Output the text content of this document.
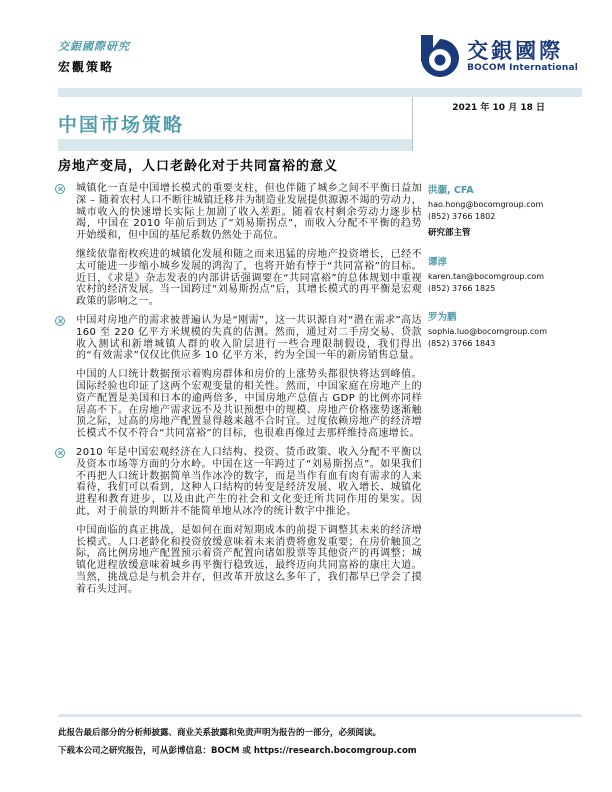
交銀國際研究
宏觀策略
交銀國際
BOCOM International
2021 年 10 月 18 日
中国市场策略
房地产变局，人口老龄化对于共同富裕的意义
城镇化一直是中国增长模式的重要支柱，但也伴随了城乡之间不平衡日益加深 – 随着农村人口不断往城镇迁移并为制造业发展提供源源不竭的劳动力，城市收入的快速增长实际上加剧了收入差距。随着农村剩余劳动力逐步枯竭，中国在 2010 年前后到达了“刘易斯拐点”，而收入分配不平衡的趋势开始缓和，但中国的基尼系数仍然处于高位。
继续依靠衔枚疾进的城镇化发展和随之而来迅猛的房地产投资增长，已经不太可能进一步缩小城乡发展的鸿沟了，也将开始有悖于“共同富裕”的目标。近日，《求是》杂志发表的内部讲话强调要在“共同富裕”的总体规划中重视农村的经济发展。当一国跨过“刘易斯拐点”后，其增长模式的再平衡是宏观政策的影响之一。
中国对房地产的需求被普遍认为是“刚需”，这一共识源自对“潜在需求”高达 160 至 220 亿平方米规模的失真的估测。然而，通过对二手房交易、贷款收入测试和新增城镇人群的收入阶层进行一些合理限制假设，我们得出的“有效需求”仅仅比供应多 10 亿平方米，约为全国一年的新房销售总量。
中国的人口统计数据预示着购房群体和房价的上涨势头都很快将达到峰值。国际经验也印证了这两个宏观变量的相关性。然而，中国家庭在房地产上的资产配置是美国和日本的逾两倍多，中国房地产总值占 GDP 的比例亦同样居高不下。在房地产需求远不及共识预想中的规模、房地产价格涨势逐渐触顶之际，过高的房地产配置显得越来越不合时宜。过度依赖房地产的经济增长模式不仅不符合“共同富裕”的目标，也很难再像过去那样维持高速增长。
2010 年是中国宏观经济在人口结构、投资、货币政策、收入分配不平衡以及资本市场等方面的分水岭。中国在这一年跨过了“刘易斯拐点”。如果我们不再把人口统计数据简单当作冰冷的数字，而是当作有血有肉有需求的人来看待，我们可以看到，这种人口结构的转变是经济发展、收入增长、城镇化进程和教育进步，以及由此产生的社会和文化变迁所共同作用的果实。因此，对于前景的判断并不能简单地从冰冷的统计数字中推论。
中国面临的真正挑战，是如何在面对短期成本的前提下调整其未来的经济增长模式。人口老龄化和投资放缓意味着未来消费将愈发重要；在房价触顶之际，高比例房地产配置预示着资产配置向诸如股票等其他资产的再调整；城镇化进程放缓意味着城乡再平衡行稳致远，最终迈向共同富裕的康庄大道。当然，挑战总是与机会并存，但改革开放这么多年了，我们都早已学会了摸着石头过河。
洪灝, CFA
hao.hong@bocomgroup.com
(852) 3766 1802
研究部主管
谭淳
karen.tan@bocomgroup.com
(852) 3766 1825
罗为鹏
sophia.luo@bocomgroup.com
(852) 3766 1843
此报告最后部分的分析师披露、商业关系披露和免责声明为报告的一部分，必须阅读。
下载本公司之研究报告，可从彭博信息：BOCM 或 https://research.bocomgroup.com
